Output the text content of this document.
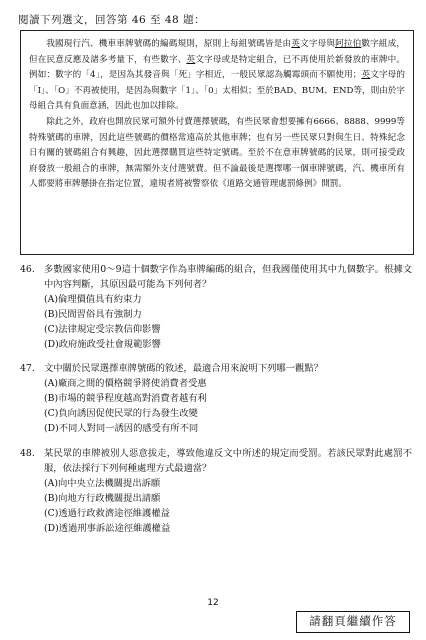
閱讀下列選文，回答第 46 至 48 題：

我國現行汽、機車車牌號碼的編碼規則，原則上每組號碼皆是由英文字母與阿拉伯數字組成，但在民意反應及諸多考量下，有些數字、英文字母或是特定組合，已不再使用於新發放的車牌中。例如：數字的「4」，是因為其發音與「死」字相近，一般民眾認為觸霉頭而不願使用；英文字母的「I」、「O」不再被使用，是因為與數字「1」、「0」太相似；至於BAD、BUM、END等，則由於字母組合具有負面意涵，因此也加以排除。

除此之外，政府也開放民眾可額外付費選擇號碼，有些民眾會想要擁有6666、8888、9999等特殊號碼的車牌，因此這些號碼的價格常遠高於其他車牌；也有另一些民眾只對與生日、特殊紀念日有關的號碼組合有興趣，因此選擇購買這些特定號碼。至於不在意車牌號碼的民眾，則可接受政府發放一般組合的車牌，無需額外支付選號費。但不論最後是選擇哪一個車牌號碼，汽、機車所有人都要將車牌懸掛在指定位置，違規者將被警察依《道路交通管理處罰條例》開罰。

46. 多數國家使用0～9這十個數字作為車牌編碼的組合，但我國僅使用其中九個數字。根據文中內容判斷，其原因最可能為下列何者？
(A)倫理價值具有約束力
(B)民間習俗具有強制力
(C)法律規定受宗教信仰影響
(D)政府施政受社會規範影響
47. 文中關於民眾選擇車牌號碼的敘述，最適合用來說明下列哪一觀點？
(A)廠商之間的價格競爭將使消費者受惠
(B)市場的競爭程度越高對消費者越有利
(C)負向誘因促使民眾的行為發生改變
(D)不同人對同一誘因的感受有所不同
48. 某民眾的車牌被別人惡意拔走，導致他違反文中所述的規定而受罰。若該民眾對此處罰不服，依法採行下列何種處理方式最適當？
(A)向中央立法機關提出訴願
(B)向地方行政機關提出請願
(C)透過行政救濟途徑維護權益
(D)透過刑事訴訟途徑維護權益
12
請翻頁繼續作答
